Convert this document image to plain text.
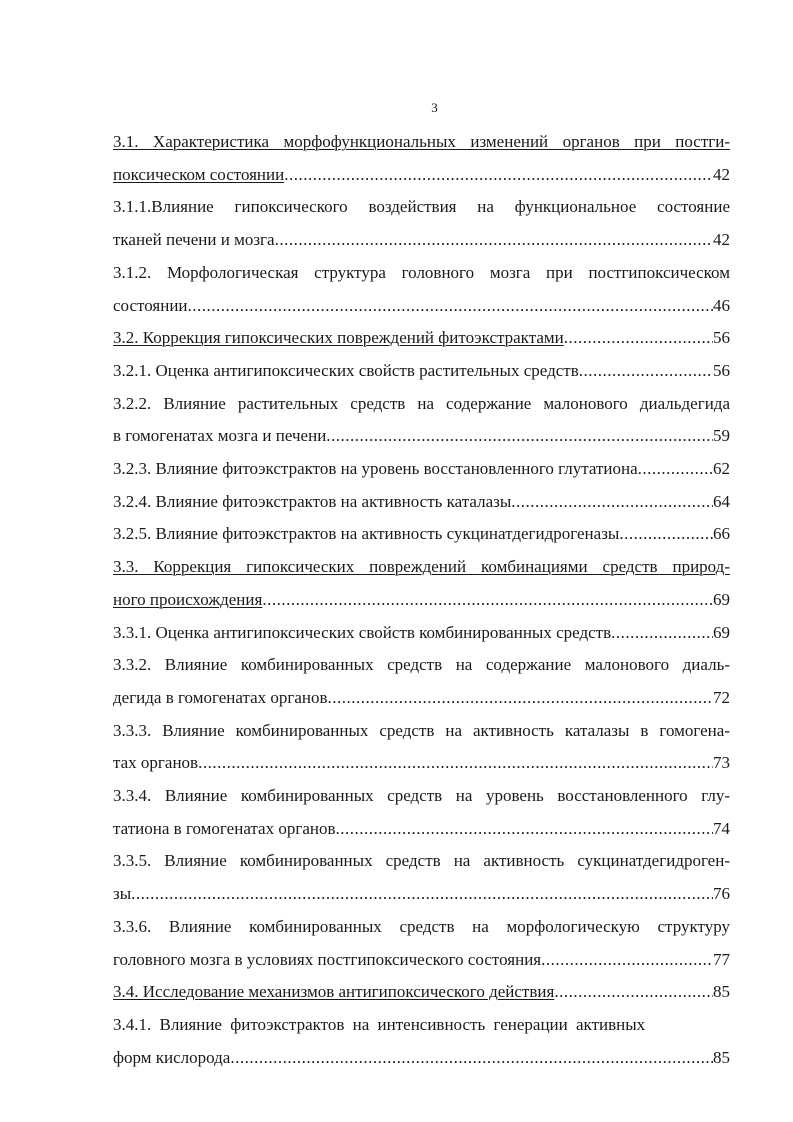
3
3.1. Характеристика морфофункциональных изменений органов при постги-
поксическом состоянии .....	42
3.1.1.Влияние гипоксического воздействия на функциональное состояние
тканей печени и мозга .....	42
3.1.2. Морфологическая структура головного мозга при постгипоксическом
состоянии .....	46
3.2. Коррекция гипоксических повреждений фитоэкстрактами .....	56
3.2.1. Оценка антигипоксических свойств растительных средств .....	56
3.2.2. Влияние растительных средств на содержание малонового диальдегида
в гомогенатах мозга и печени .....	59
3.2.3. Влияние фитоэкстрактов на уровень восстановленного глутатиона .....	62
3.2.4. Влияние фитоэкстрактов на активность каталазы .....	64
3.2.5. Влияние фитоэкстрактов на активность сукцинатдегидрогеназы .....	66
3.3. Коррекция гипоксических повреждений комбинациями средств природ-
ного происхождения .....	69
3.3.1. Оценка антигипоксических свойств комбинированных средств .....	69
3.3.2. Влияние комбинированных средств на содержание малонового диаль-
дегида в гомогенатах органов .....	72
3.3.3. Влияние комбинированных средств на активность каталазы в гомогена-
тах органов .....	73
3.3.4. Влияние комбинированных средств на уровень восстановленного глу-
татиона в гомогенатах органов .....	74
3.3.5. Влияние комбинированных средств на активность сукцинатдегидроген-
зы .....	76
3.3.6. Влияние комбинированных средств на морфологическую структуру
головного мозга в условиях постгипоксического состояния .....	77
3.4. Исследование механизмов антигипоксического действия .....	85
3.4.1. Влияние фитоэкстрактов на интенсивность генерации активных
форм кислорода .....	85
